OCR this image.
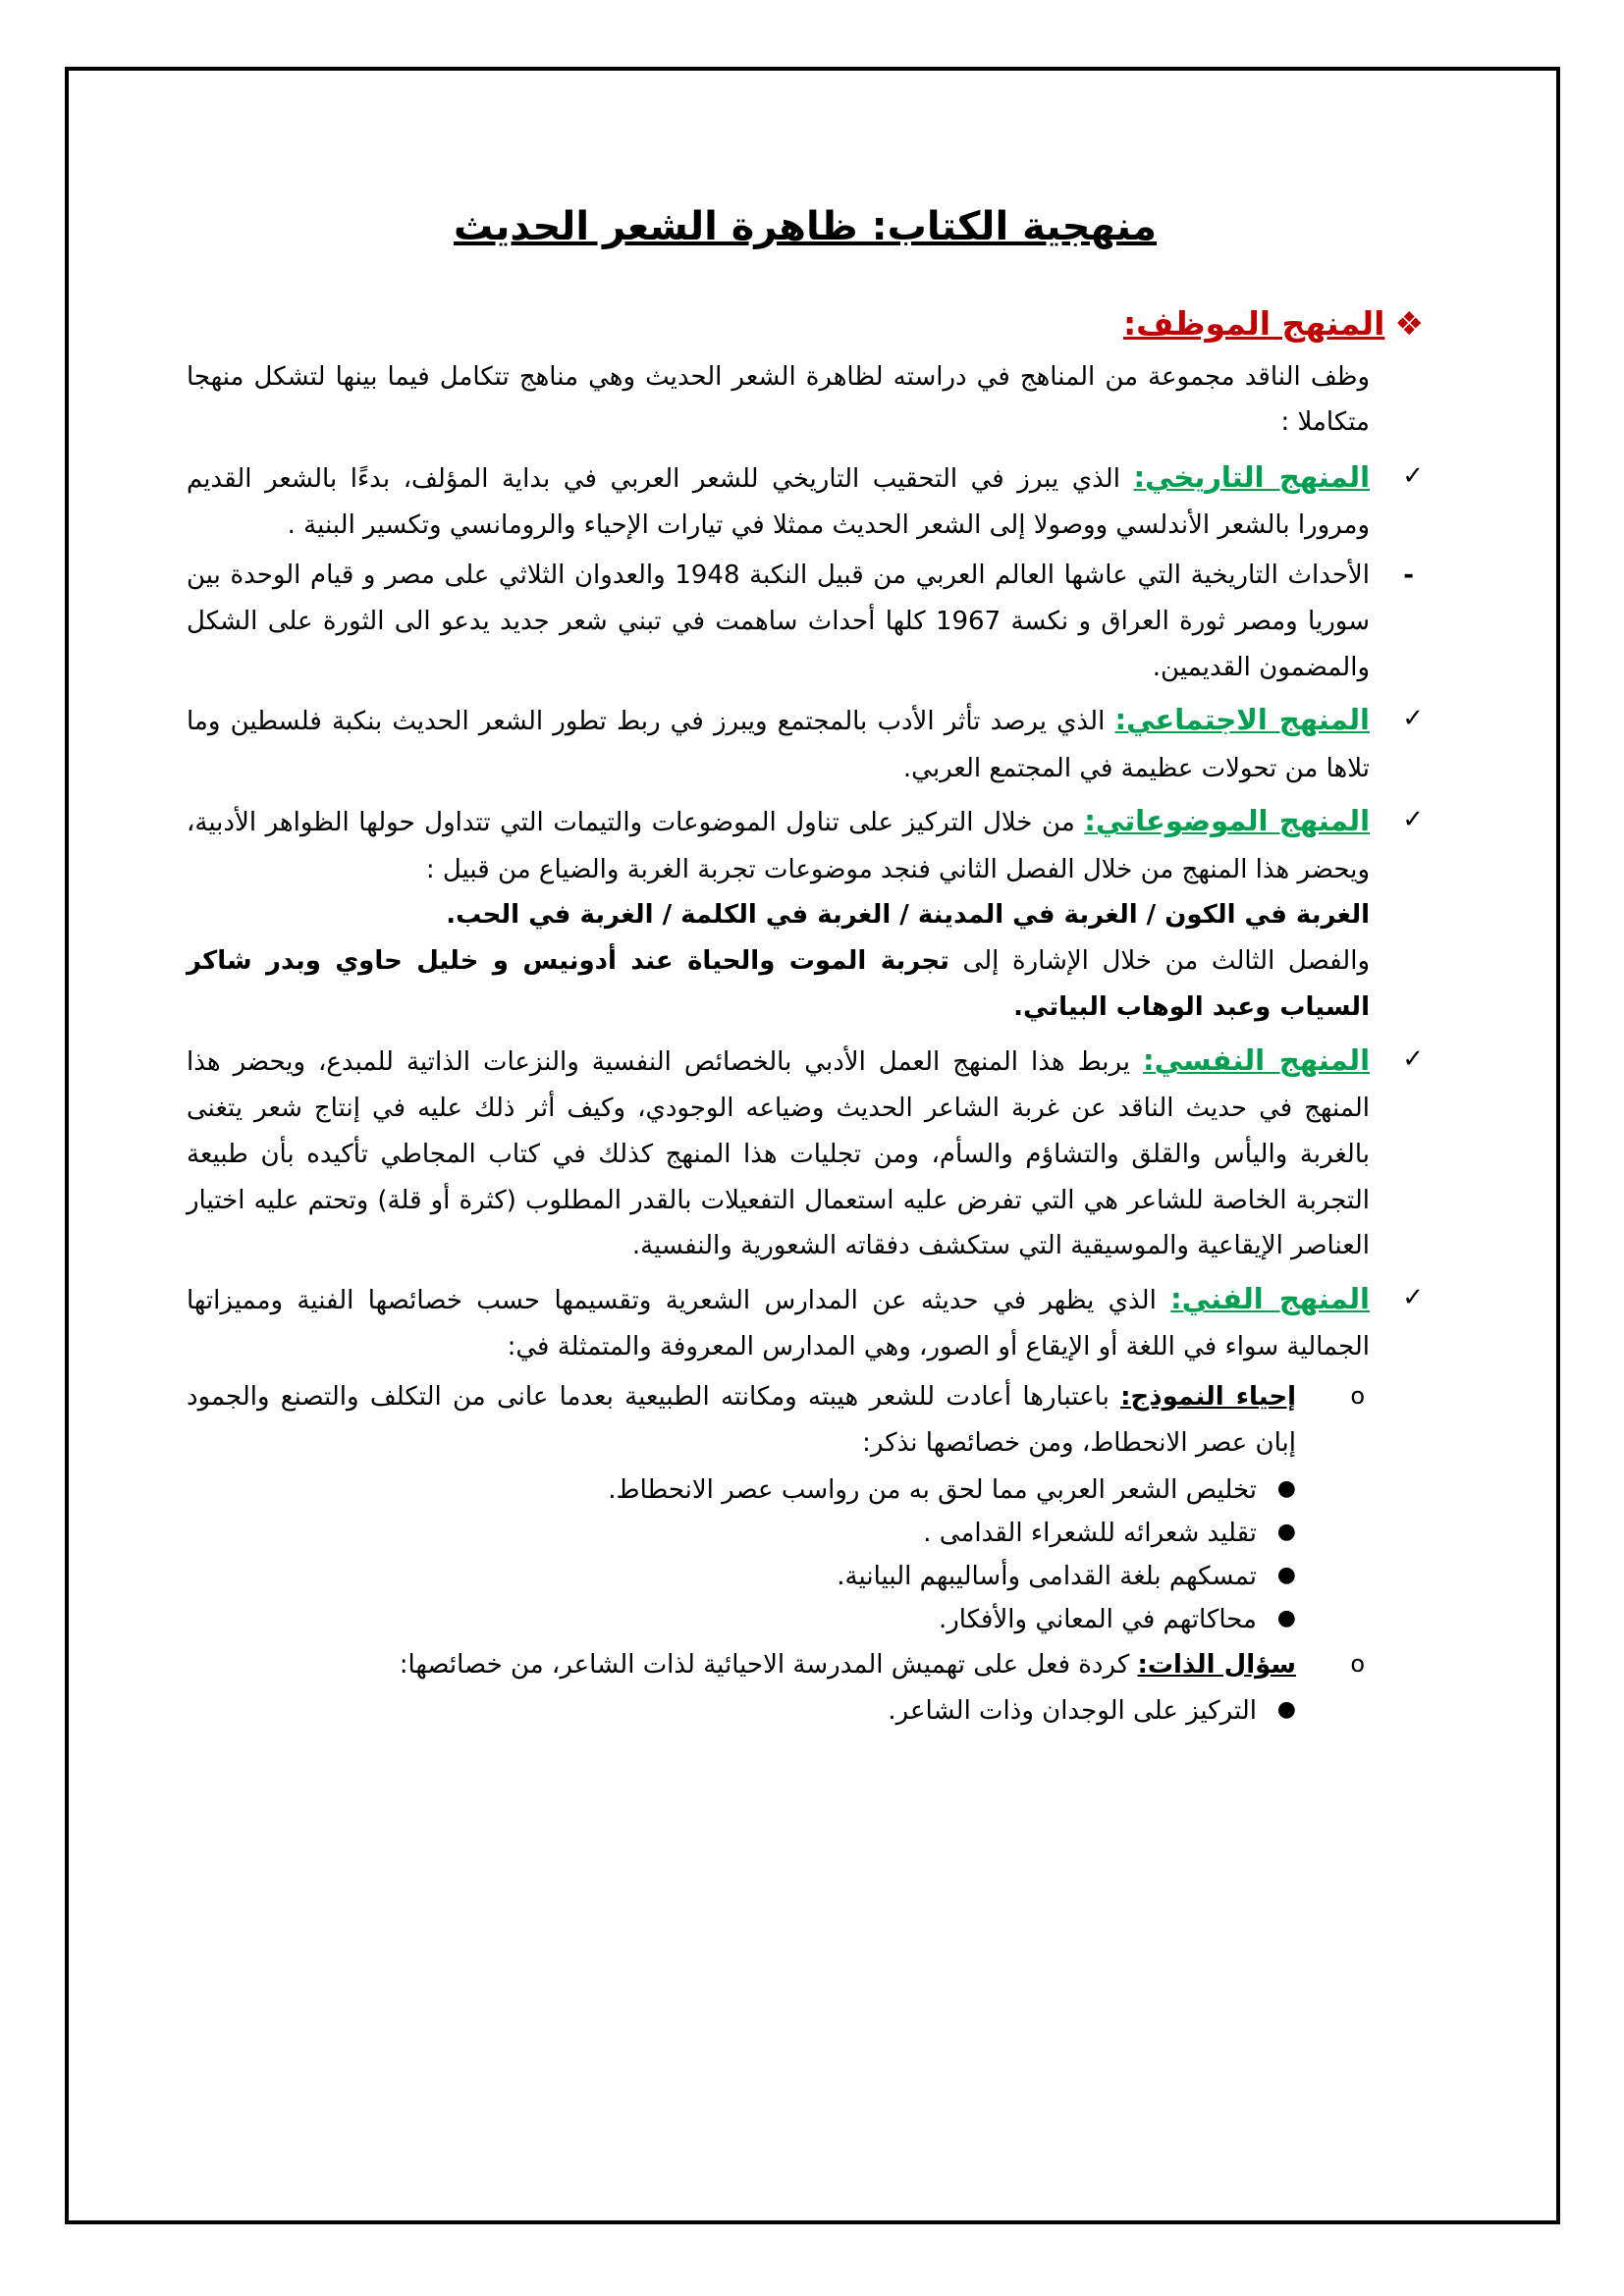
منهجية الكتاب: ظاهرة الشعر الحديث
❖المنهج الموظف:

وظف الناقد مجموعة من المناهج في دراسته لظاهرة الشعر الحديث وهي مناهج تتكامل فيما بينها لتشكل منهجا متكاملا :

✓

المنهج التاريخي: الذي يبرز في التحقيب التاريخي للشعر العربي في بداية المؤلف، بدءًا بالشعر القديم ومرورا بالشعر الأندلسي ووصولا إلى الشعر الحديث ممثلا في تيارات الإحياء والرومانسي وتكسير البنية .

-

الأحداث التاريخية التي عاشها العالم العربي من قبيل النكبة 1948 والعدوان الثلاثي على مصر و قيام الوحدة بين سوريا ومصر ثورة العراق و نكسة 1967 كلها أحداث ساهمت في تبني شعر جديد يدعو الى الثورة على الشكل والمضمون القديمين.

✓

المنهج الاجتماعي: الذي يرصد تأثر الأدب بالمجتمع ويبرز في ربط تطور الشعر الحديث بنكبة فلسطين وما تلاها من تحولات عظيمة في المجتمع العربي.

✓

المنهج الموضوعاتي: من خلال التركيز على تناول الموضوعات والتيمات التي تتداول حولها الظواهر الأدبية، ويحضر هذا المنهج من خلال الفصل الثاني فنجد موضوعات تجربة الغربة والضياع من قبيل :

الغربة في الكون / الغربة في المدينة / الغربة في الكلمة / الغربة في الحب.

والفصل الثالث من خلال الإشارة إلى تجربة الموت والحياة عند أدونيس و خليل حاوي وبدر شاكر السياب وعبد الوهاب البياتي.

✓

المنهج النفسي: يربط هذا المنهج العمل الأدبي بالخصائص النفسية والنزعات الذاتية للمبدع، ويحضر هذا المنهج في حديث الناقد عن غربة الشاعر الحديث وضياعه الوجودي، وكيف أثر ذلك عليه في إنتاج شعر يتغنى بالغربة واليأس والقلق والتشاؤم والسأم، ومن تجليات هذا المنهج كذلك في كتاب المجاطي تأكيده بأن طبيعة التجربة الخاصة للشاعر هي التي تفرض عليه استعمال التفعيلات بالقدر المطلوب (كثرة أو قلة) وتحتم عليه اختيار العناصر الإيقاعية والموسيقية التي ستكشف دفقاته الشعورية والنفسية.

✓

المنهج الفني: الذي يظهر في حديثه عن المدارس الشعرية وتقسيمها حسب خصائصها الفنية ومميزاتها الجمالية سواء في اللغة أو الإيقاع أو الصور، وهي المدارس المعروفة والمتمثلة في:

o

إحياء النموذج: باعتبارها أعادت للشعر هيبته ومكانته الطبيعية بعدما عانى من التكلف والتصنع والجمود إبان عصر الانحطاط، ومن خصائصها نذكر:

●
تخليص الشعر العربي مما لحق به من رواسب عصر الانحطاط.
●
تقليد شعرائه للشعراء القدامى .
●
تمسكهم بلغة القدامى وأساليبهم البيانية.
●
محاكاتهم في المعاني والأفكار.
o

سؤال الذات: كردة فعل على تهميش المدرسة الاحيائية لذات الشاعر، من خصائصها:

●
التركيز على الوجدان وذات الشاعر.
